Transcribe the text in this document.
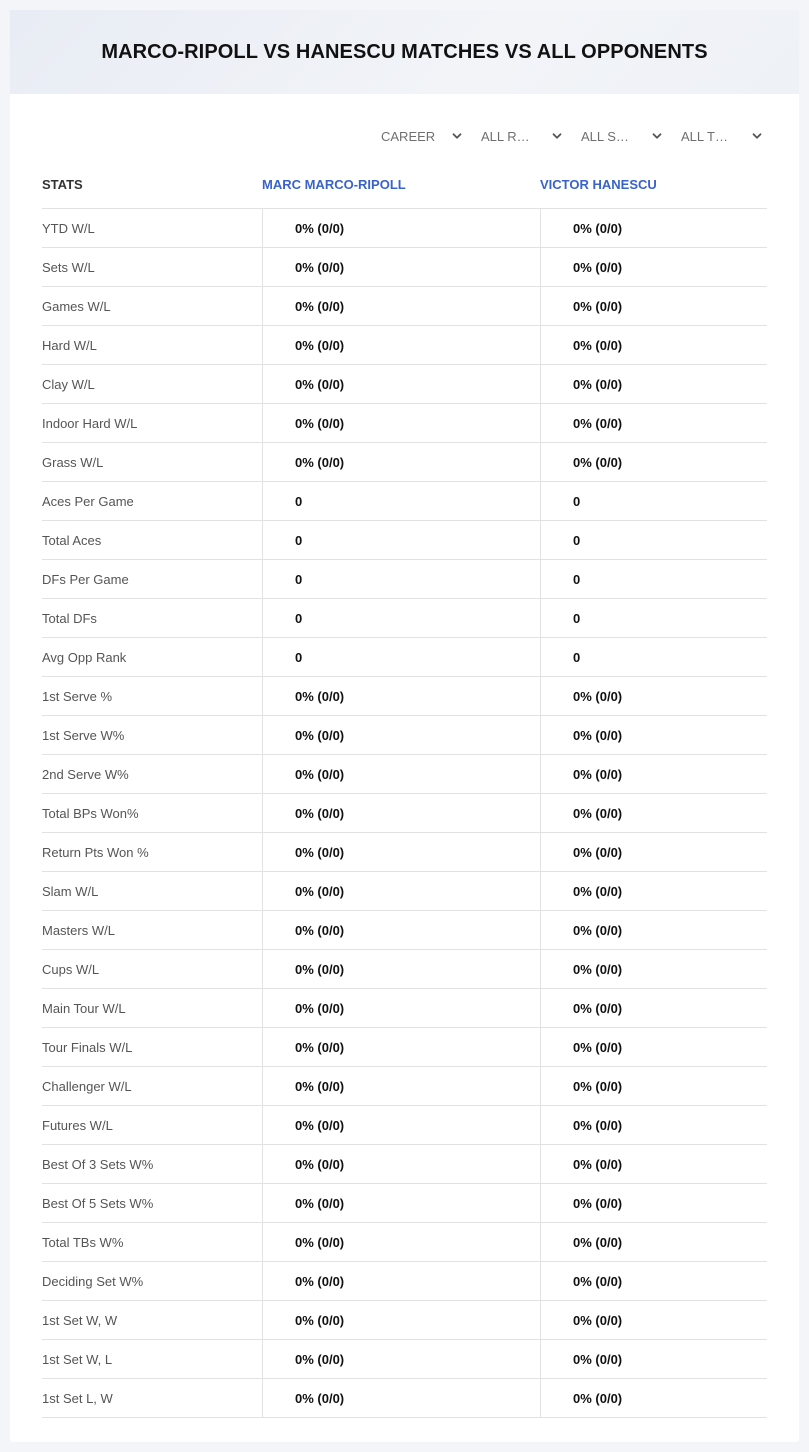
MARCO-RIPOLL VS HANESCU MATCHES VS ALL OPPONENTS
CAREER	ALL R…	ALL S…	ALL T…
STATS	MARC MARCO-RIPOLL	VICTOR HANESCU
YTD W/L	0% (0/0)	0% (0/0)
Sets W/L	0% (0/0)	0% (0/0)
Games W/L	0% (0/0)	0% (0/0)
Hard W/L	0% (0/0)	0% (0/0)
Clay W/L	0% (0/0)	0% (0/0)
Indoor Hard W/L	0% (0/0)	0% (0/0)
Grass W/L	0% (0/0)	0% (0/0)
Aces Per Game	0	0
Total Aces	0	0
DFs Per Game	0	0
Total DFs	0	0
Avg Opp Rank	0	0
1st Serve %	0% (0/0)	0% (0/0)
1st Serve W%	0% (0/0)	0% (0/0)
2nd Serve W%	0% (0/0)	0% (0/0)
Total BPs Won%	0% (0/0)	0% (0/0)
Return Pts Won %	0% (0/0)	0% (0/0)
Slam W/L	0% (0/0)	0% (0/0)
Masters W/L	0% (0/0)	0% (0/0)
Cups W/L	0% (0/0)	0% (0/0)
Main Tour W/L	0% (0/0)	0% (0/0)
Tour Finals W/L	0% (0/0)	0% (0/0)
Challenger W/L	0% (0/0)	0% (0/0)
Futures W/L	0% (0/0)	0% (0/0)
Best Of 3 Sets W%	0% (0/0)	0% (0/0)
Best Of 5 Sets W%	0% (0/0)	0% (0/0)
Total TBs W%	0% (0/0)	0% (0/0)
Deciding Set W%	0% (0/0)	0% (0/0)
1st Set W, W	0% (0/0)	0% (0/0)
1st Set W, L	0% (0/0)	0% (0/0)
1st Set L, W	0% (0/0)	0% (0/0)
